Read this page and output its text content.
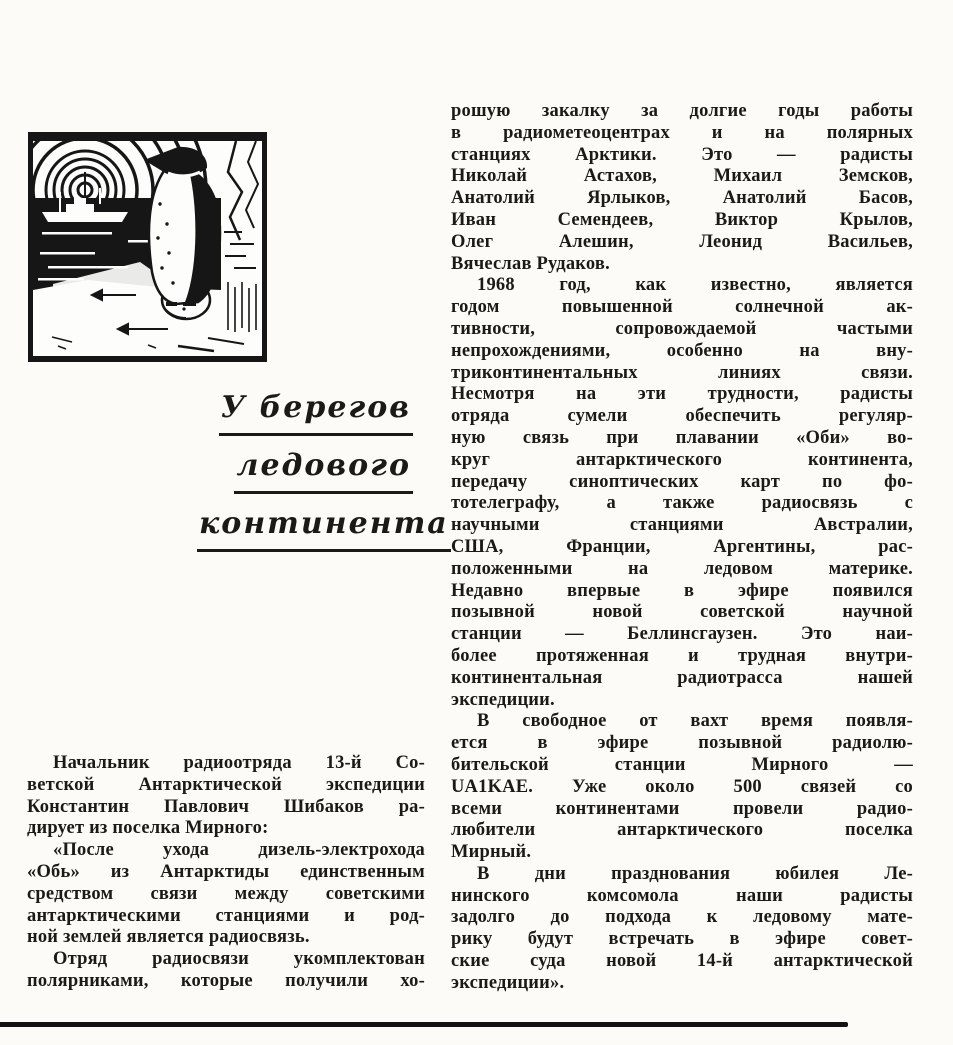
У берегов
ледового
континента
Начальник радиоотряда 13-й Со-
ветской Антарктической экспедиции
Константин Павлович Шибаков ра-
дирует из поселка Мирного:
«После ухода дизель-электрохода
«Обь» из Антарктиды единственным
средством связи между советскими
антарктическими станциями и род-
ной землей является радиосвязь.
Отряд радиосвязи укомплектован
полярниками, которые получили хо-
рошую закалку за долгие годы работы
в радиометеоцентрах и на полярных
станциях Арктики. Это — радисты
Николай Астахов, Михаил Земсков,
Анатолий Ярлыков, Анатолий Басов,
Иван Семендеев, Виктор Крылов,
Олег Алешин, Леонид Васильев,
Вячеслав Рудаков.
1968 год, как известно, является
годом повышенной солнечной ак-
тивности, сопровождаемой частыми
непрохождениями, особенно на вну-
триконтинентальных линиях связи.
Несмотря на эти трудности, радисты
отряда сумели обеспечить регуляр-
ную связь при плавании «Оби» во-
круг антарктического континента,
передачу синоптических карт по фо-
тотелеграфу, а также радиосвязь с
научными станциями Австралии,
США, Франции, Аргентины, рас-
положенными на ледовом материке.
Недавно впервые в эфире появился
позывной новой советской научной
станции — Беллинсгаузен. Это наи-
более протяженная и трудная внутри-
континентальная радиотрасса нашей
экспедиции.
В свободное от вахт время появля-
ется в эфире позывной радиолю-
бительской станции Мирного —
UA1KAE. Уже около 500 связей со
всеми континентами провели радио-
любители антарктического поселка
Мирный.
В дни празднования юбилея Ле-
нинского комсомола наши радисты
задолго до подхода к ледовому мате-
рику будут встречать в эфире совет-
ские суда новой 14-й антарктической
экспедиции».
